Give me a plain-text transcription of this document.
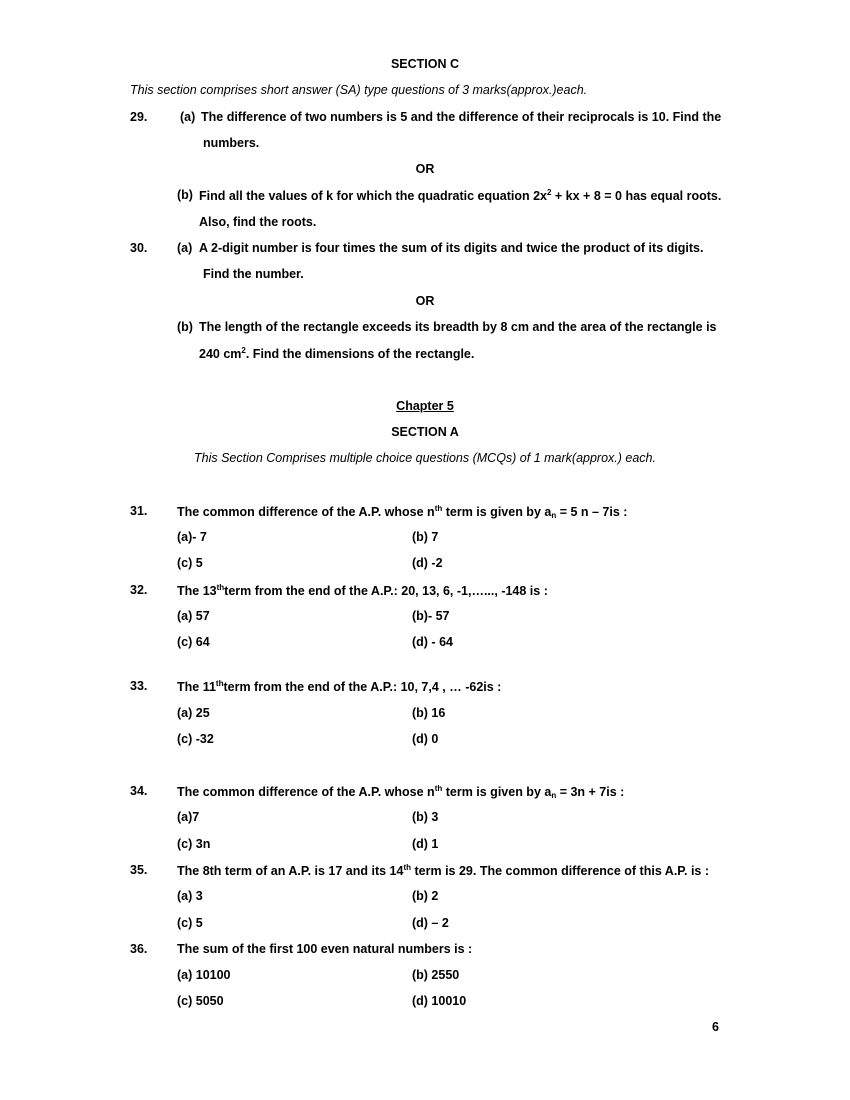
SECTION C
This section comprises short answer (SA) type questions of 3 marks(approx.)each.
29.	(a) The difference of two numbers is 5 and the difference of their reciprocals is 10. Find the
numbers.
OR
(b) Find all the values of k for which the quadratic equation $2x^2$ + kx + 8 = 0 has equal roots.
Also, find the roots.
30. (a) A 2-digit number is four times the sum of its digits and twice the product of its digits.
Find the number.
OR
(b) The length of the rectangle exceeds its breadth by 8 cm and the area of the rectangle is
240 $cm^2$. Find the dimensions of the rectangle.
Chapter 5
SECTION A
This Section Comprises multiple choice questions (MCQs) of 1 mark(approx.) each.
31. The common difference of the A.P. whose $n^{th}$ term is given by $a_n = 5$ n – 7is :
(a)- 7	(b) 7
(c) 5	(d) -2
32. The 13thterm from the end of the A.P.: 20, 13, 6, -1,…..., -148 is :
(a) 57	(b)- 57
(c) 64	(d) - 64
33. The 11thterm from the end of the A.P.: 10, 7,4 , … -62is :
(a) 25	(b) 16
(c) -32	(d) 0
34. The common difference of the A.P. whose $n^{th}$ term is given by $a_n = 3n + 7is$ :
(a)7	(b) 3
(c) 3n	(d) 1
35. The 8th term of an A.P. is 17 and its 14th term is 29. The common difference of this A.P. is :
(a) 3	(b) 2
(c) 5	(d) – 2
36. The sum of the first 100 even natural numbers is :
(a) 10100	(b) 2550
(c) 5050	(d) 10010
6
